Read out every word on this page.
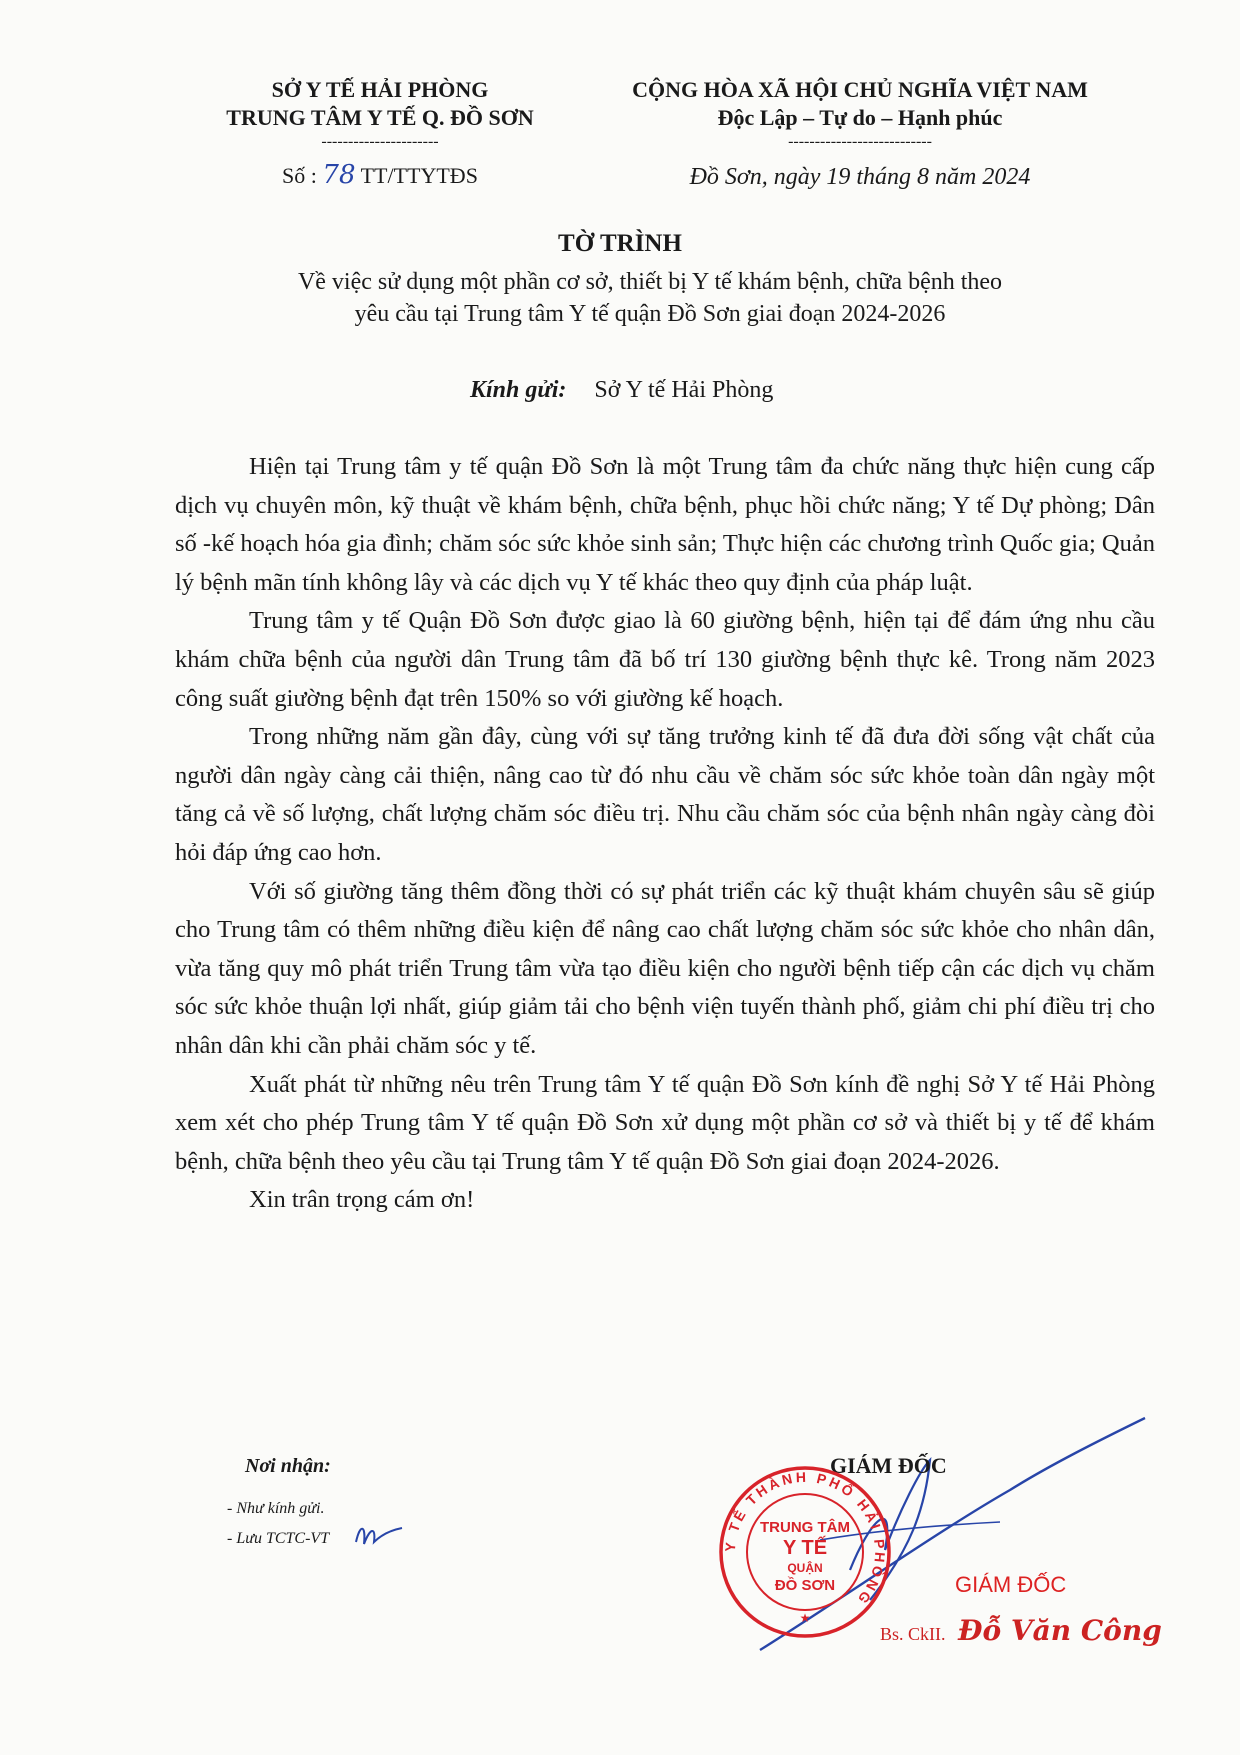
SỞ Y TẾ HẢI PHÒNG
TRUNG TÂM Y TẾ Q. ĐỒ SƠN
----------------------
Số : 78 TT/TTYTĐS
CỘNG HÒA XÃ HỘI CHỦ NGHĨA VIỆT NAM
Độc Lập – Tự do – Hạnh phúc
---------------------------
Đồ Sơn, ngày 19 tháng 8 năm 2024
TỜ TRÌNH
Về việc sử dụng một phần cơ sở, thiết bị Y tế khám bệnh, chữa bệnh theo
yêu cầu tại Trung tâm Y tế quận Đồ Sơn giai đoạn 2024-2026
Kính gửi: Sở Y tế Hải Phòng

Hiện tại Trung tâm y tế quận Đồ Sơn là một Trung tâm đa chức năng thực hiện cung cấp dịch vụ chuyên môn, kỹ thuật về khám bệnh, chữa bệnh, phục hồi chức năng; Y tế Dự phòng; Dân số -kế hoạch hóa gia đình; chăm sóc sức khỏe sinh sản; Thực hiện các chương trình Quốc gia; Quản lý bệnh mãn tính không lây và các dịch vụ Y tế khác theo quy định của pháp luật.

Trung tâm y tế Quận Đồ Sơn được giao là 60 giường bệnh, hiện tại để đám ứng nhu cầu khám chữa bệnh của người dân Trung tâm đã bố trí 130 giường bệnh thực kê. Trong năm 2023 công suất giường bệnh đạt trên 150% so với giường kế hoạch.

Trong những năm gần đây, cùng với sự tăng trưởng kinh tế đã đưa đời sống vật chất của người dân ngày càng cải thiện, nâng cao từ đó nhu cầu về chăm sóc sức khỏe toàn dân ngày một tăng cả về số lượng, chất lượng chăm sóc điều trị. Nhu cầu chăm sóc của bệnh nhân ngày càng đòi hỏi đáp ứng cao hơn.

Với số giường tăng thêm đồng thời có sự phát triển các kỹ thuật khám chuyên sâu sẽ giúp cho Trung tâm có thêm những điều kiện để nâng cao chất lượng chăm sóc sức khỏe cho nhân dân, vừa tăng quy mô phát triển Trung tâm vừa tạo điều kiện cho người bệnh tiếp cận các dịch vụ chăm sóc sức khỏe thuận lợi nhất, giúp giảm tải cho bệnh viện tuyến thành phố, giảm chi phí điều trị cho nhân dân khi cần phải chăm sóc y tế.

Xuất phát từ những nêu trên Trung tâm Y tế quận Đồ Sơn kính đề nghị Sở Y tế Hải Phòng xem xét cho phép Trung tâm Y tế quận Đồ Sơn xử dụng một phần cơ sở và thiết bị y tế để khám bệnh, chữa bệnh theo yêu cầu tại Trung tâm Y tế quận Đồ Sơn giai đoạn 2024-2026.

Xin trân trọng cám ơn!

Nơi nhận:
- Như kính gửi.
- Lưu TCTC-VT
GIÁM ĐỐC
Y TẾ THÀNH PHỐ HẢI PHÒNG
TRUNG TÂM
Y TẾ
QUẬN
ĐỒ SƠN
★
GIÁM ĐỐC
Bs. CkII. Đỗ Văn Công
